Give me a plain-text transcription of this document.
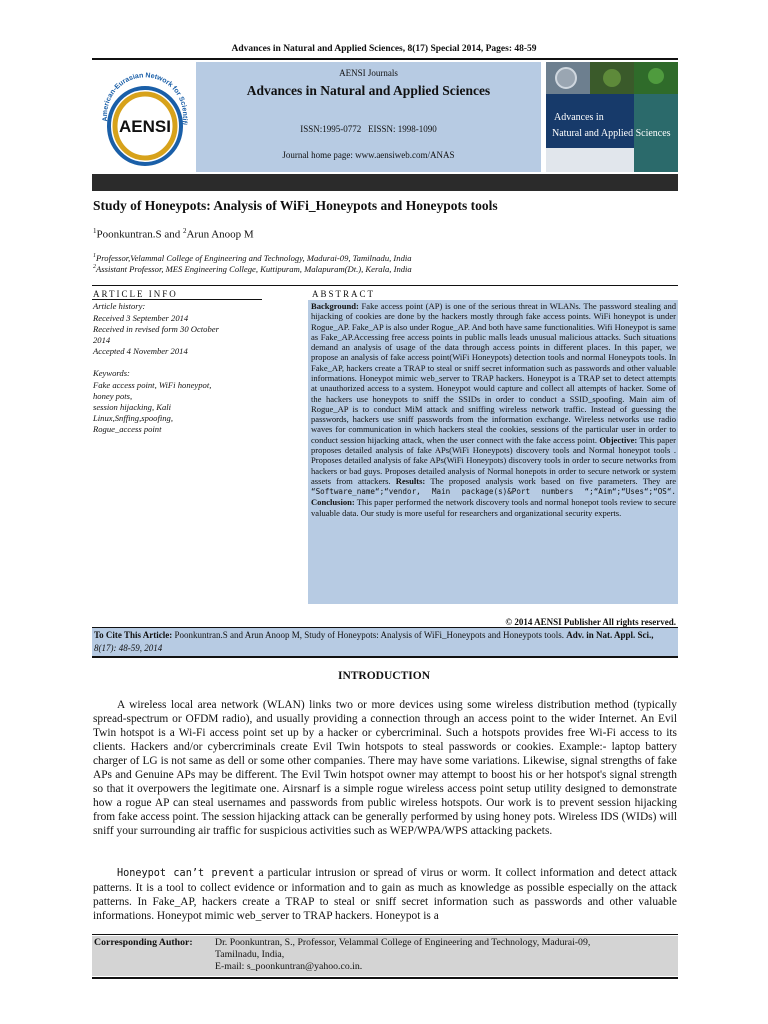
Advances in Natural and Applied Sciences, 8(17) Special 2014, Pages: 48-59
American-Eurasian Network for Scientifi
AENSI
AENSI Journals
Advances in Natural and Applied Sciences
ISSN:1995-0772 EISSN: 1998-1090
Journal home page: www.aensiweb.com/ANAS
Advances in
Natural and Applied Sciences
Study of Honeypots: Analysis of WiFi_Honeypots and Honeypots tools
$^1$Poonkuntran.S and $^2$Arun Anoop M
$^1$Professor,Velammal College of Engineering and Technology, Madurai-09, Tamilnadu, India
$^2$Assistant Professor, MES Engineering College, Kuttipuram, Malapuram(Dt.), Kerala, India
ARTICLE INFO
Article history:
Received 3 September 2014
Received in revised form 30 October
2014
Accepted 4 November 2014
Keywords:
Fake access point, WiFi honeypot,
honey pots,
session hijacking, Kali
Linux,Snffing,spoofing,
Rogue_access point
ABSTRACT
Background: Fake access point (AP) is one of the serious threat in WLANs. The password stealing and hijacking of cookies are done by the hackers mostly through fake access points. WiFi honeypot is under Rogue_AP. Fake_AP is also under Rogue_AP. And both have same functionalities. Wifi Honeypot is same as Fake_AP.Accessing free access points in public malls leads unusual malicious attacks. Such situations demand an analysis of usage of the data through access points in different places. In this paper, we propose an analysis of fake access point(WiFi Honeypots) detection tools and normal Honeypots tools. In Fake_AP, hackers create a TRAP to steal or sniff secret information such as passwords and other valuable informations. Honeypot mimic web_server to TRAP hackers. Honeypot is a TRAP set to detect attempts at unauthorized access to a system. Honeypot would capture and collect all attempts of hacker. Some of the hackers use honeypots to sniff the SSIDs in order to conduct a SSID_spoofing. Main aim of Rogue_AP is to conduct MiM attack and sniffing wireless network traffic. Instead of guessing the passwords, hackers use sniff passwords from the information exchange. Wireless networks use radio waves for communication in which hackers steal the cookies, sessions of the particular user in order to conduct session hijacking attack, when the user connect with the fake access point. Objective: This paper proposes detailed analysis of fake APs(WiFi Honeypots) discovery tools and Normal honeypot tools . Proposes detailed analysis of fake APs(WiFi Honeypots) discovery tools in order to secure networks from hackers or bad guys. Proposes detailed analysis of Normal honepots in order to secure network or system assets from attackers. Results: The proposed analysis work based on five parameters. They are “Software_name“;“vendor, Main package(s)&Port numbers “;“Aim“;“Uses“;“OS“. Conclusion: This paper performed the network discovery tools and normal honepot tools review to secure valuable data. Our study is more useful for researchers and organizational security experts.
© 2014 AENSI Publisher All rights reserved.
To Cite This Article: Poonkuntran.S and Arun Anoop M, Study of Honeypots: Analysis of WiFi_Honeypots and Honeypots tools. Adv. in Nat. Appl. Sci., 8(17): 48-59, 2014
INTRODUCTION
A wireless local area network (WLAN) links two or more devices using some wireless distribution method (typically spread-spectrum or OFDM radio), and usually providing a connection through an access point to the wider Internet. An Evil Twin hotspot is a Wi-Fi access point set up by a hacker or cybercriminal. Such a hotspots provides free Wi-Fi access to its clients. Hackers and/or cybercriminals create Evil Twin hotspots to steal passwords or cookies. Example:- laptop battery charger of LG is not same as dell or some other companies. There may have some variations. Likewise, signal strengths of fake APs and Genuine APs may be different. The Evil Twin hotspot owner may attempt to boost his or her hotspot's signal strength so that it overpowers the legitimate one. Airsnarf is a simple rogue wireless access point setup utility designed to demonstrate how a rogue AP can steal usernames and passwords from public wireless hotspots. Our work is to prevent session hijacking from fake access point. The session hijacking attack can be generally performed by using honey pots. Wireless IDS (WIDs) will sniff your surrounding air traffic for suspicious activities such as WEP/WPA/WPS attacking packets.
Honeypot can’t prevent a particular intrusion or spread of virus or worm. It collect information and detect attack patterns. It is a tool to collect evidence or information and to gain as much as knowledge as possible especially on the attack patterns. In Fake_AP, hackers create a TRAP to steal or sniff secret information such as passwords and other valuable informations. Honeypot mimic web_server to TRAP hackers. Honeypot is a
Corresponding Author: Dr. Poonkuntran, S., Professor, Velammal College of Engineering and Technology, Madurai-09,
Tamilnadu, India,
E-mail: s_poonkuntran@yahoo.co.in.
